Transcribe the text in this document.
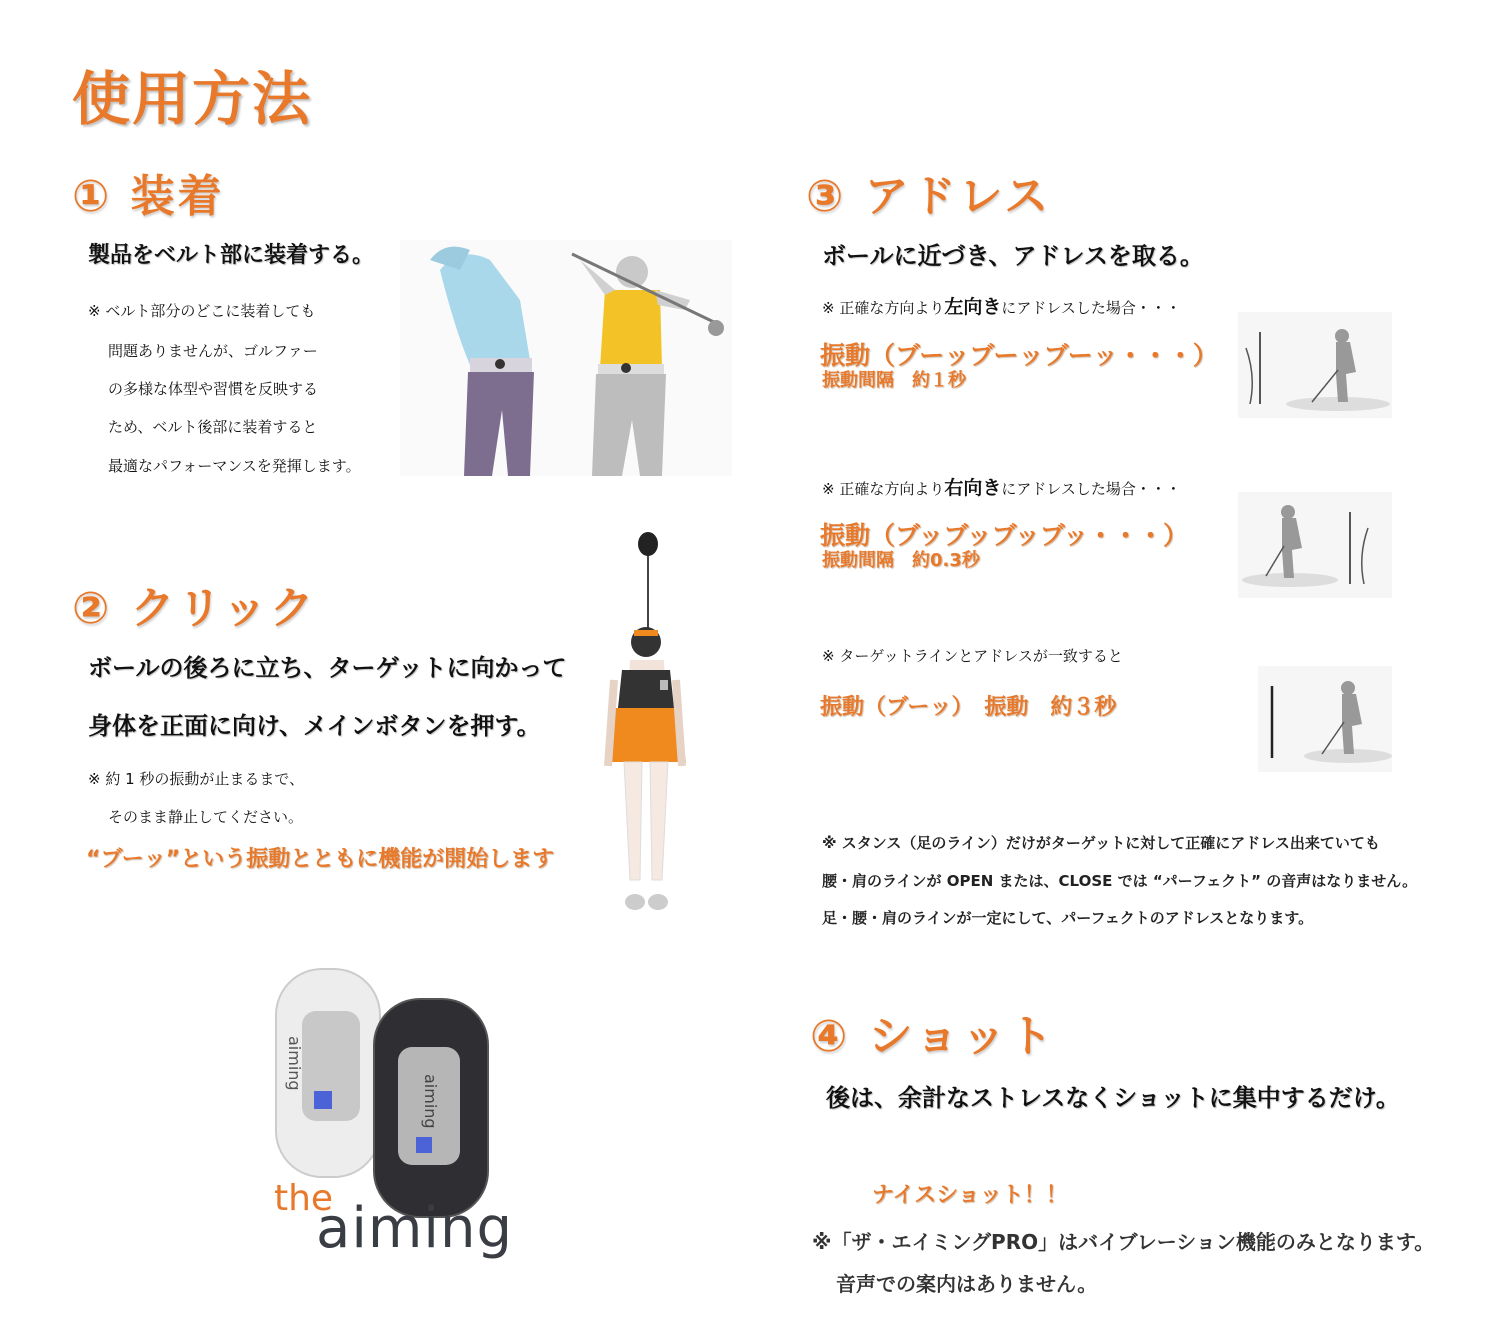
使用方法
① 装着
製品をベルト部に装着する。
※ ベルト部分のどこに装着しても
問題ありませんが、ゴルファー
の多様な体型や習慣を反映する
ため、ベルト後部に装着すると
最適なパフォーマンスを発揮します。
② クリック
ボールの後ろに立ち、ターゲットに向かって
身体を正面に向け、メインボタンを押す。
※ 約 1 秒の振動が止まるまで、
そのまま静止してください。
“ブーッ”という振動とともに機能が開始します
aiming
aiming
the
aiming
③ アドレス
ボールに近づき、アドレスを取る。
※ 正確な方向より左向きにアドレスした場合・・・
振動（ブーッブーッブーッ・・・）
振動間隔　約１秒
※ 正確な方向より右向きにアドレスした場合・・・
振動（ブッブッブッブッ・・・）
振動間隔　約0.3秒
※ ターゲットラインとアドレスが一致すると
振動（ブーッ）　振動　約３秒
※ スタンス（足のライン）だけがターゲットに対して正確にアドレス出来ていても
腰・肩のラインが OPEN または、CLOSE では “パーフェクト” の音声はなりません。
足・腰・肩のラインが一定にして、パーフェクトのアドレスとなります。
④ ショット
後は、余計なストレスなくショットに集中するだけ。
ナイスショット！！
※「ザ・エイミングPRO」はバイブレーション機能のみとなります。
音声での案内はありません。
